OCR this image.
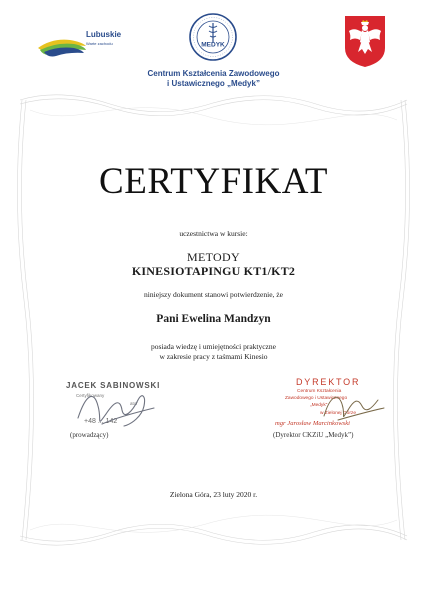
Lubuskie
Warte zachodu	MEDYK
Centrum Kształcenia Zawodowego
i Ustawicznego „Medyk”
CERTYFIKAT
uczestnictwa w kursie:
METODY
KINESIOTAPINGU KT1/KT2
niniejszy dokument stanowi potwierdzenie, że
Pani Ewelina Mandzyn
posiada wiedzę i umiejętności praktyczne
w zakresie pracy z taśmami Kinesio
JACEK SABINOWSKI
Certyfikowany
ator
+48 ... 142
(prowadzący)
DYREKTOR
Centrum Kształcenia
Zawodowego i Ustawicznego
„Medyk”
w Zielonej Górze
mgr Jarosław Marcinkowski
(Dyrektor CKZiU „Medyk”)
Zielona Góra, 23 luty 2020 r.
